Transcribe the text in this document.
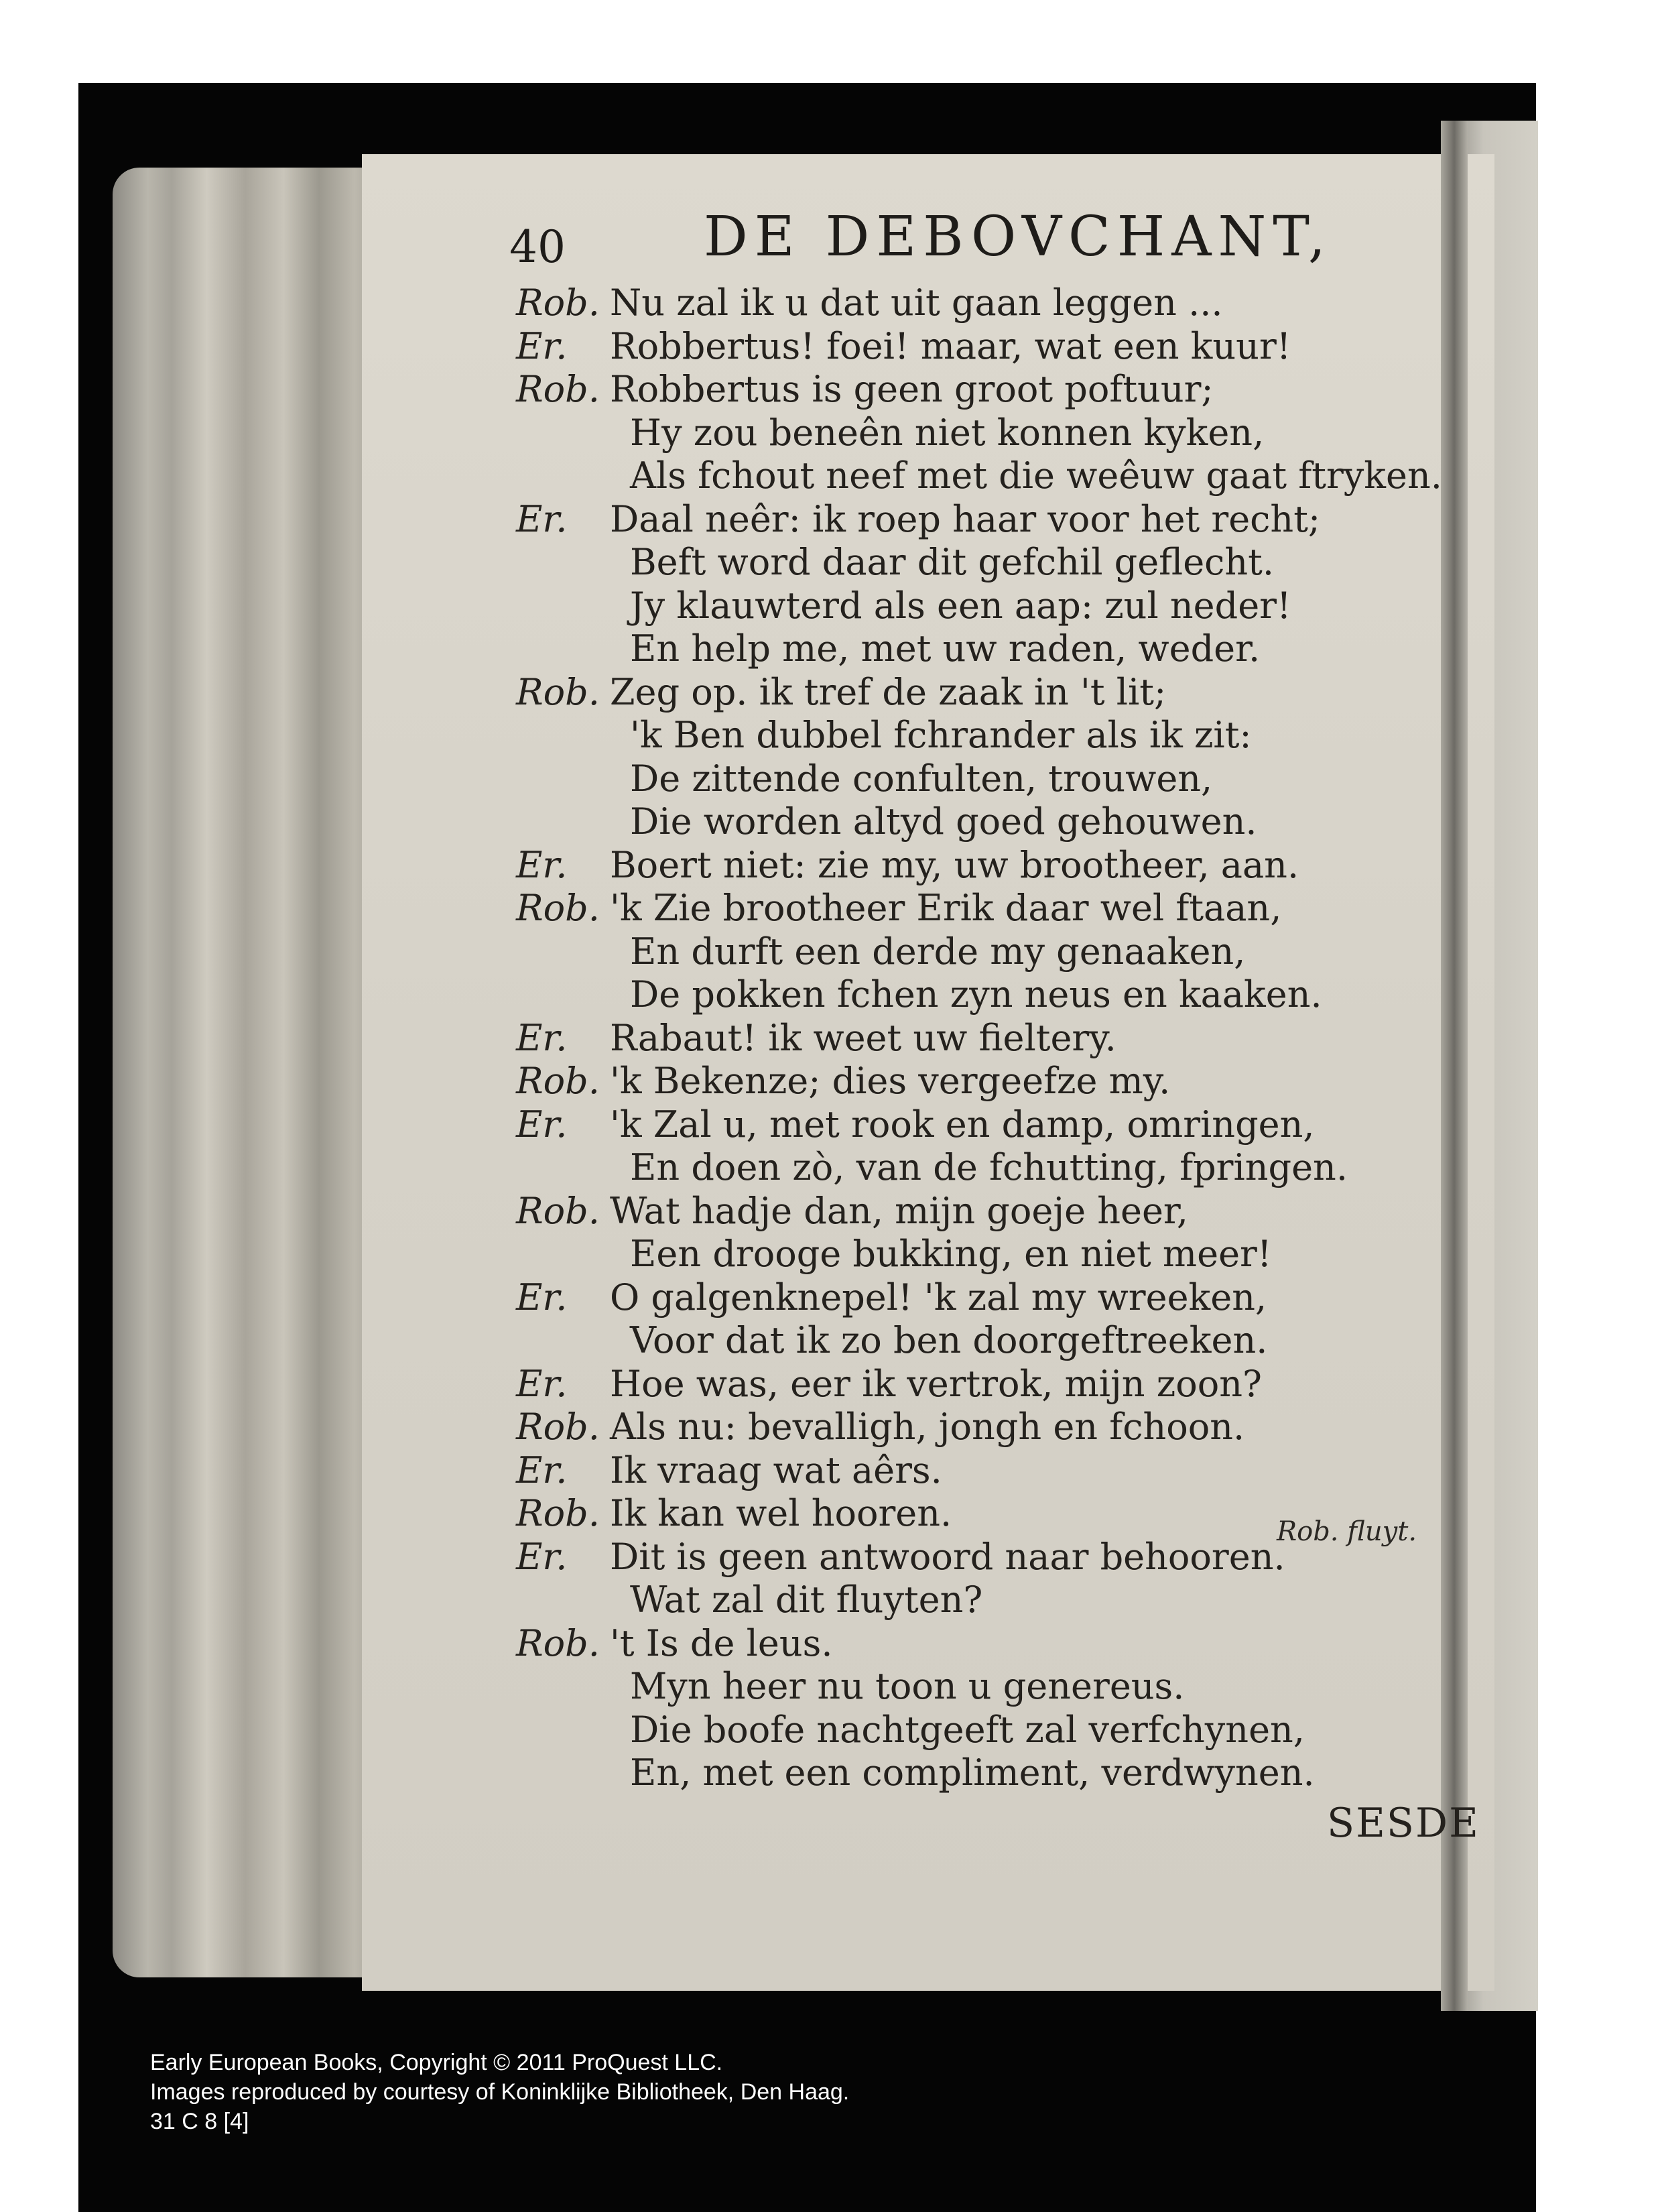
40	DE DEBOVCHANT,
Rob. Nu zal ik u dat uit gaan leggen ...
Er. Robbertus! foei! maar, wat een kuur!
Rob. Robbertus is geen groot poftuur;
Hy zou beneên niet konnen kyken,
Als fchout neef met die weêuw gaat ftryken.
Er. Daal neêr: ik roep haar voor het recht;
Beft word daar dit gefchil geflecht.
Jy klauwterd als een aap: zul neder!
En help me, met uw raden, weder.
Rob. Zeg op. ik tref de zaak in 't lit;
'k Ben dubbel fchrander als ik zit:
De zittende confulten, trouwen,
Die worden altyd goed gehouwen.
Er. Boert niet: zie my, uw brootheer, aan.
Rob. 'k Zie brootheer Erik daar wel ftaan,
En durft een derde my genaaken,
De pokken fchen zyn neus en kaaken.
Er. Rabaut! ik weet uw fieltery.
Rob. 'k Bekenze; dies vergeefze my.
Er. 'k Zal u, met rook en damp, omringen,
En doen zò, van de fchutting, fpringen.
Rob. Wat hadje dan, mijn goeje heer,
Een drooge bukking, en niet meer!
Er. O galgenknepel! 'k zal my wreeken,
Voor dat ik zo ben doorgeftreeken.
Er. Hoe was, eer ik vertrok, mijn zoon?
Rob. Als nu: bevalligh, jongh en fchoon.
Er. Ik vraag wat aêrs.
Rob. Ik kan wel hooren.
Er. Dit is geen antwoord naar behooren.
Wat zal dit fluyten?
Rob. 't Is de leus.
Myn heer nu toon u genereus.
Die boofe nachtgeeft zal verfchynen,
En, met een compliment, verdwynen.
Rob. fluyt.
SESDE
Early European Books, Copyright © 2011 ProQuest LLC.
Images reproduced by courtesy of Koninklijke Bibliotheek, Den Haag.
31 C 8 [4]
